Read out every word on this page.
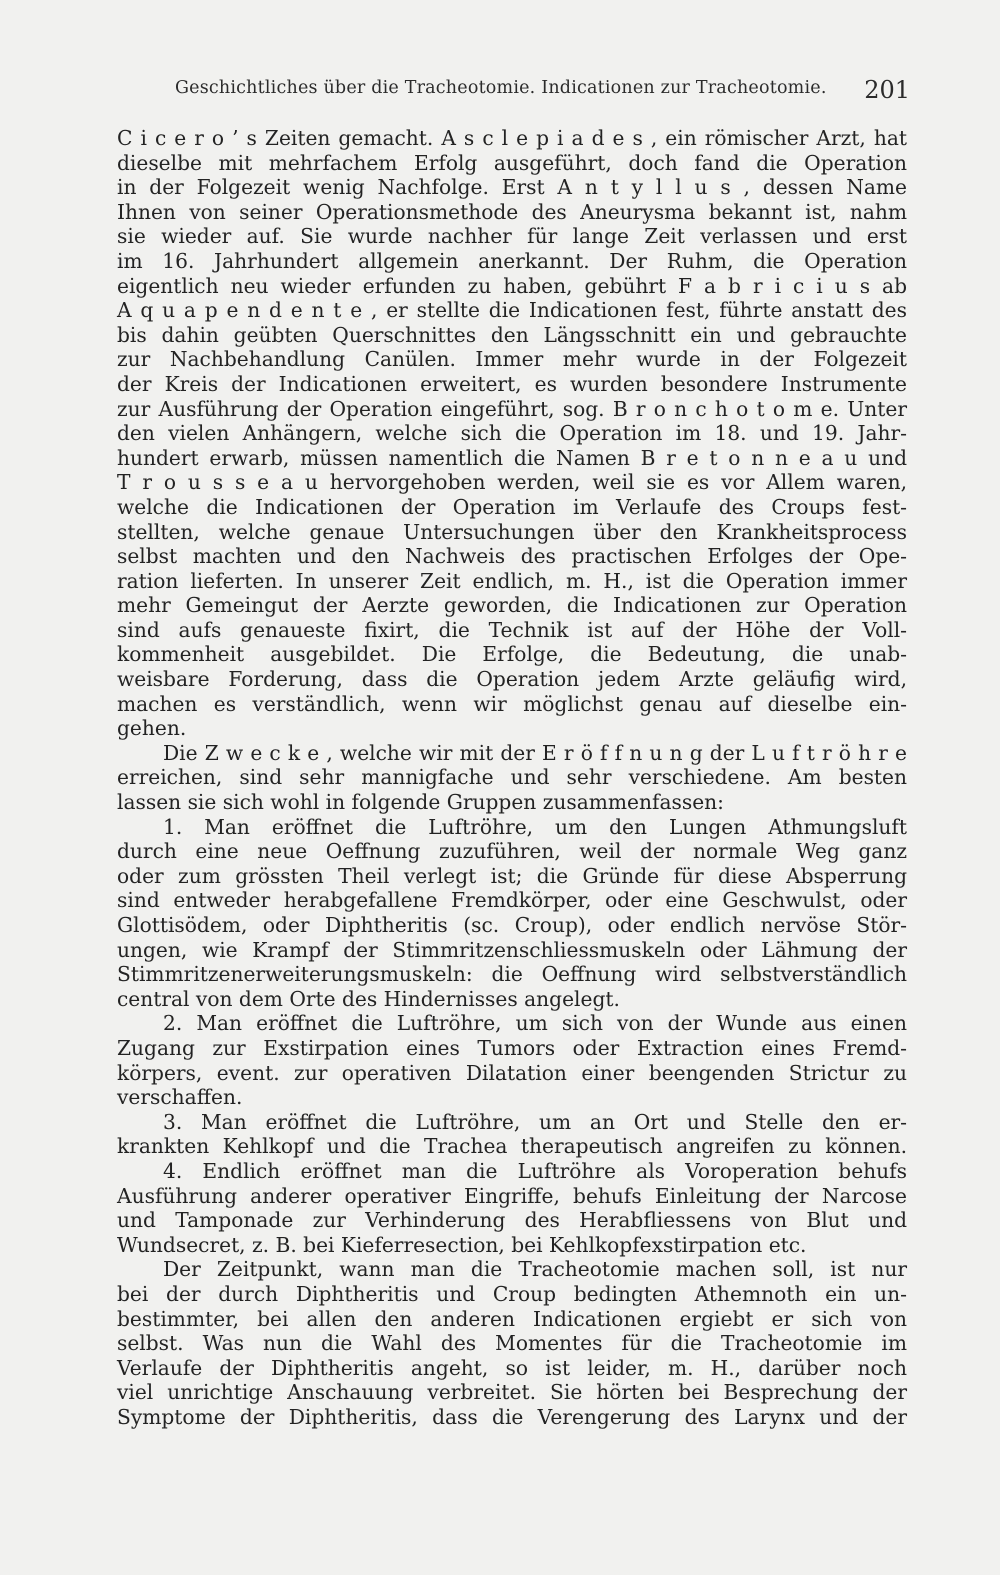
Geschichtliches über die Tracheotomie. Indicationen zur Tracheotomie. 201
C i c e r o ’ s Zeiten gemacht. A s c l e p i a d e s , ein römischer Arzt, hat
dieselbe mit mehrfachem Erfolg ausgeführt, doch fand die Operation
in der Folgezeit wenig Nachfolge. Erst A n t y l l u s , dessen Name
Ihnen von seiner Operationsmethode des Aneurysma bekannt ist, nahm
sie wieder auf. Sie wurde nachher für lange Zeit verlassen und erst
im 16. Jahrhundert allgemein anerkannt. Der Ruhm, die Operation
eigentlich neu wieder erfunden zu haben, gebührt F a b r i c i u s ab
A q u a p e n d e n t e , er stellte die Indicationen fest, führte anstatt des
bis dahin geübten Querschnittes den Längsschnitt ein und gebrauchte
zur Nachbehandlung Canülen. Immer mehr wurde in der Folgezeit
der Kreis der Indicationen erweitert, es wurden besondere Instrumente
zur Ausführung der Operation eingeführt, sog. B r o n c h o t o m e. Unter
den vielen Anhängern, welche sich die Operation im 18. und 19. Jahr-
hundert erwarb, müssen namentlich die Namen B r e t o n n e a u und
T r o u s s e a u hervorgehoben werden, weil sie es vor Allem waren,
welche die Indicationen der Operation im Verlaufe des Croups fest-
stellten, welche genaue Untersuchungen über den Krankheitsprocess
selbst machten und den Nachweis des practischen Erfolges der Ope-
ration lieferten. In unserer Zeit endlich, m. H., ist die Operation immer
mehr Gemeingut der Aerzte geworden, die Indicationen zur Operation
sind aufs genaueste fixirt, die Technik ist auf der Höhe der Voll-
kommenheit ausgebildet. Die Erfolge, die Bedeutung, die unab-
weisbare Forderung, dass die Operation jedem Arzte geläufig wird,
machen es verständlich, wenn wir möglichst genau auf dieselbe ein-
gehen.
Die Z w e c k e , welche wir mit der E r ö f f n u n g der L u f t r ö h r e
erreichen, sind sehr mannigfache und sehr verschiedene. Am besten
lassen sie sich wohl in folgende Gruppen zusammenfassen:
1. Man eröffnet die Luftröhre, um den Lungen Athmungsluft
durch eine neue Oeffnung zuzuführen, weil der normale Weg ganz
oder zum grössten Theil verlegt ist; die Gründe für diese Absperrung
sind entweder herabgefallene Fremdkörper, oder eine Geschwulst, oder
Glottisödem, oder Diphtheritis (sc. Croup), oder endlich nervöse Stör-
ungen, wie Krampf der Stimmritzenschliessmuskeln oder Lähmung der
Stimmritzenerweiterungsmuskeln: die Oeffnung wird selbstverständlich
central von dem Orte des Hindernisses angelegt.
2. Man eröffnet die Luftröhre, um sich von der Wunde aus einen
Zugang zur Exstirpation eines Tumors oder Extraction eines Fremd-
körpers, event. zur operativen Dilatation einer beengenden Strictur zu
verschaffen.
3. Man eröffnet die Luftröhre, um an Ort und Stelle den er-
krankten Kehlkopf und die Trachea therapeutisch angreifen zu können.
4. Endlich eröffnet man die Luftröhre als Voroperation behufs
Ausführung anderer operativer Eingriffe, behufs Einleitung der Narcose
und Tamponade zur Verhinderung des Herabfliessens von Blut und
Wundsecret, z. B. bei Kieferresection, bei Kehlkopfexstirpation etc.
Der Zeitpunkt, wann man die Tracheotomie machen soll, ist nur
bei der durch Diphtheritis und Croup bedingten Athemnoth ein un-
bestimmter, bei allen den anderen Indicationen ergiebt er sich von
selbst. Was nun die Wahl des Momentes für die Tracheotomie im
Verlaufe der Diphtheritis angeht, so ist leider, m. H., darüber noch
viel unrichtige Anschauung verbreitet. Sie hörten bei Besprechung der
Symptome der Diphtheritis, dass die Verengerung des Larynx und der
